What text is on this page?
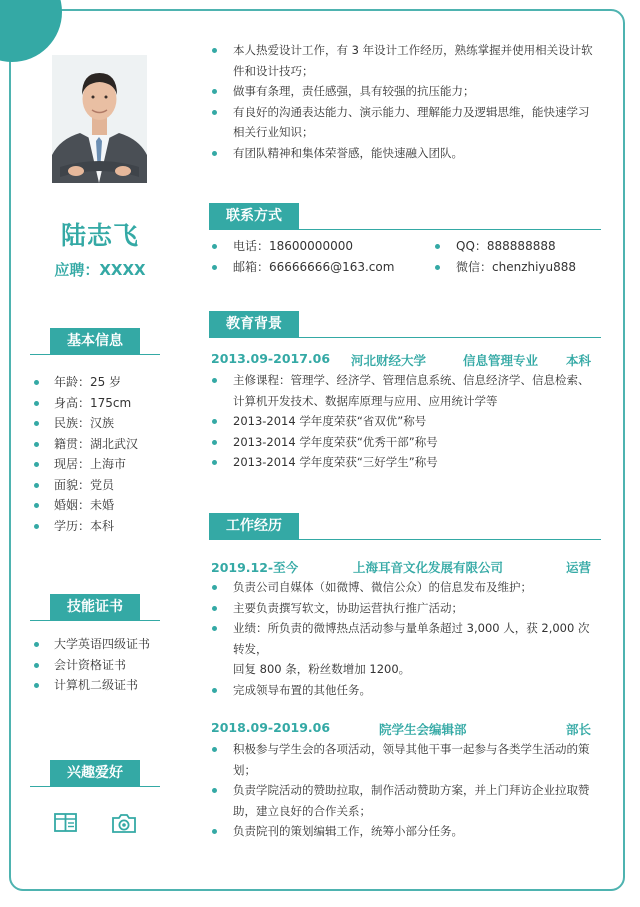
陆志飞
应聘：XXXX
基本信息
年龄：25 岁
身高：175cm
民族：汉族
籍贯：湖北武汉
现居：上海市
面貌：党员
婚姻：未婚
学历：本科
技能证书
大学英语四级证书
会计资格证书
计算机二级证书
兴趣爱好
本人热爱设计工作，有 3 年设计工作经历，熟练掌握并使用相关设计软件和设计技巧；
做事有条理，责任感强，具有较强的抗压能力；
有良好的沟通表达能力、演示能力、理解能力及逻辑思维，能快速学习相关行业知识；
有团队精神和集体荣誉感，能快速融入团队。
联系方式
电话：18600000000
邮箱：66666666@163.com
QQ：888888888
微信：chenzhiyu888
教育背景
2013.09-2017.06 河北财经大学	信息管理专业 本科
主修课程：管理学、经济学、管理信息系统、信息经济学、信息检索、计算机开发技术、数据库原理与应用、应用统计学等
2013-2014 学年度荣获“省双优”称号
2013-2014 学年度荣获“优秀干部”称号
2013-2014 学年度荣获“三好学生”称号
工作经历
2019.12-至今	上海耳音文化发展有限公司	运营
负责公司自媒体（如微博、微信公众）的信息发布及维护；
主要负责撰写软文，协助运营执行推广活动；
业绩：所负责的微博热点活动参与量单条超过 3,000 人，获 2,000 次转发，
回复 800 条，粉丝数增加 1200。
完成领导布置的其他任务。
2018.09-2019.06	院学生会编辑部	部长
积极参与学生会的各项活动，领导其他干事一起参与各类学生活动的策划；
负责学院活动的赞助拉取，制作活动赞助方案，并上门拜访企业拉取赞助，建立良好的合作关系；
负责院刊的策划编辑工作，统筹小部分任务。
